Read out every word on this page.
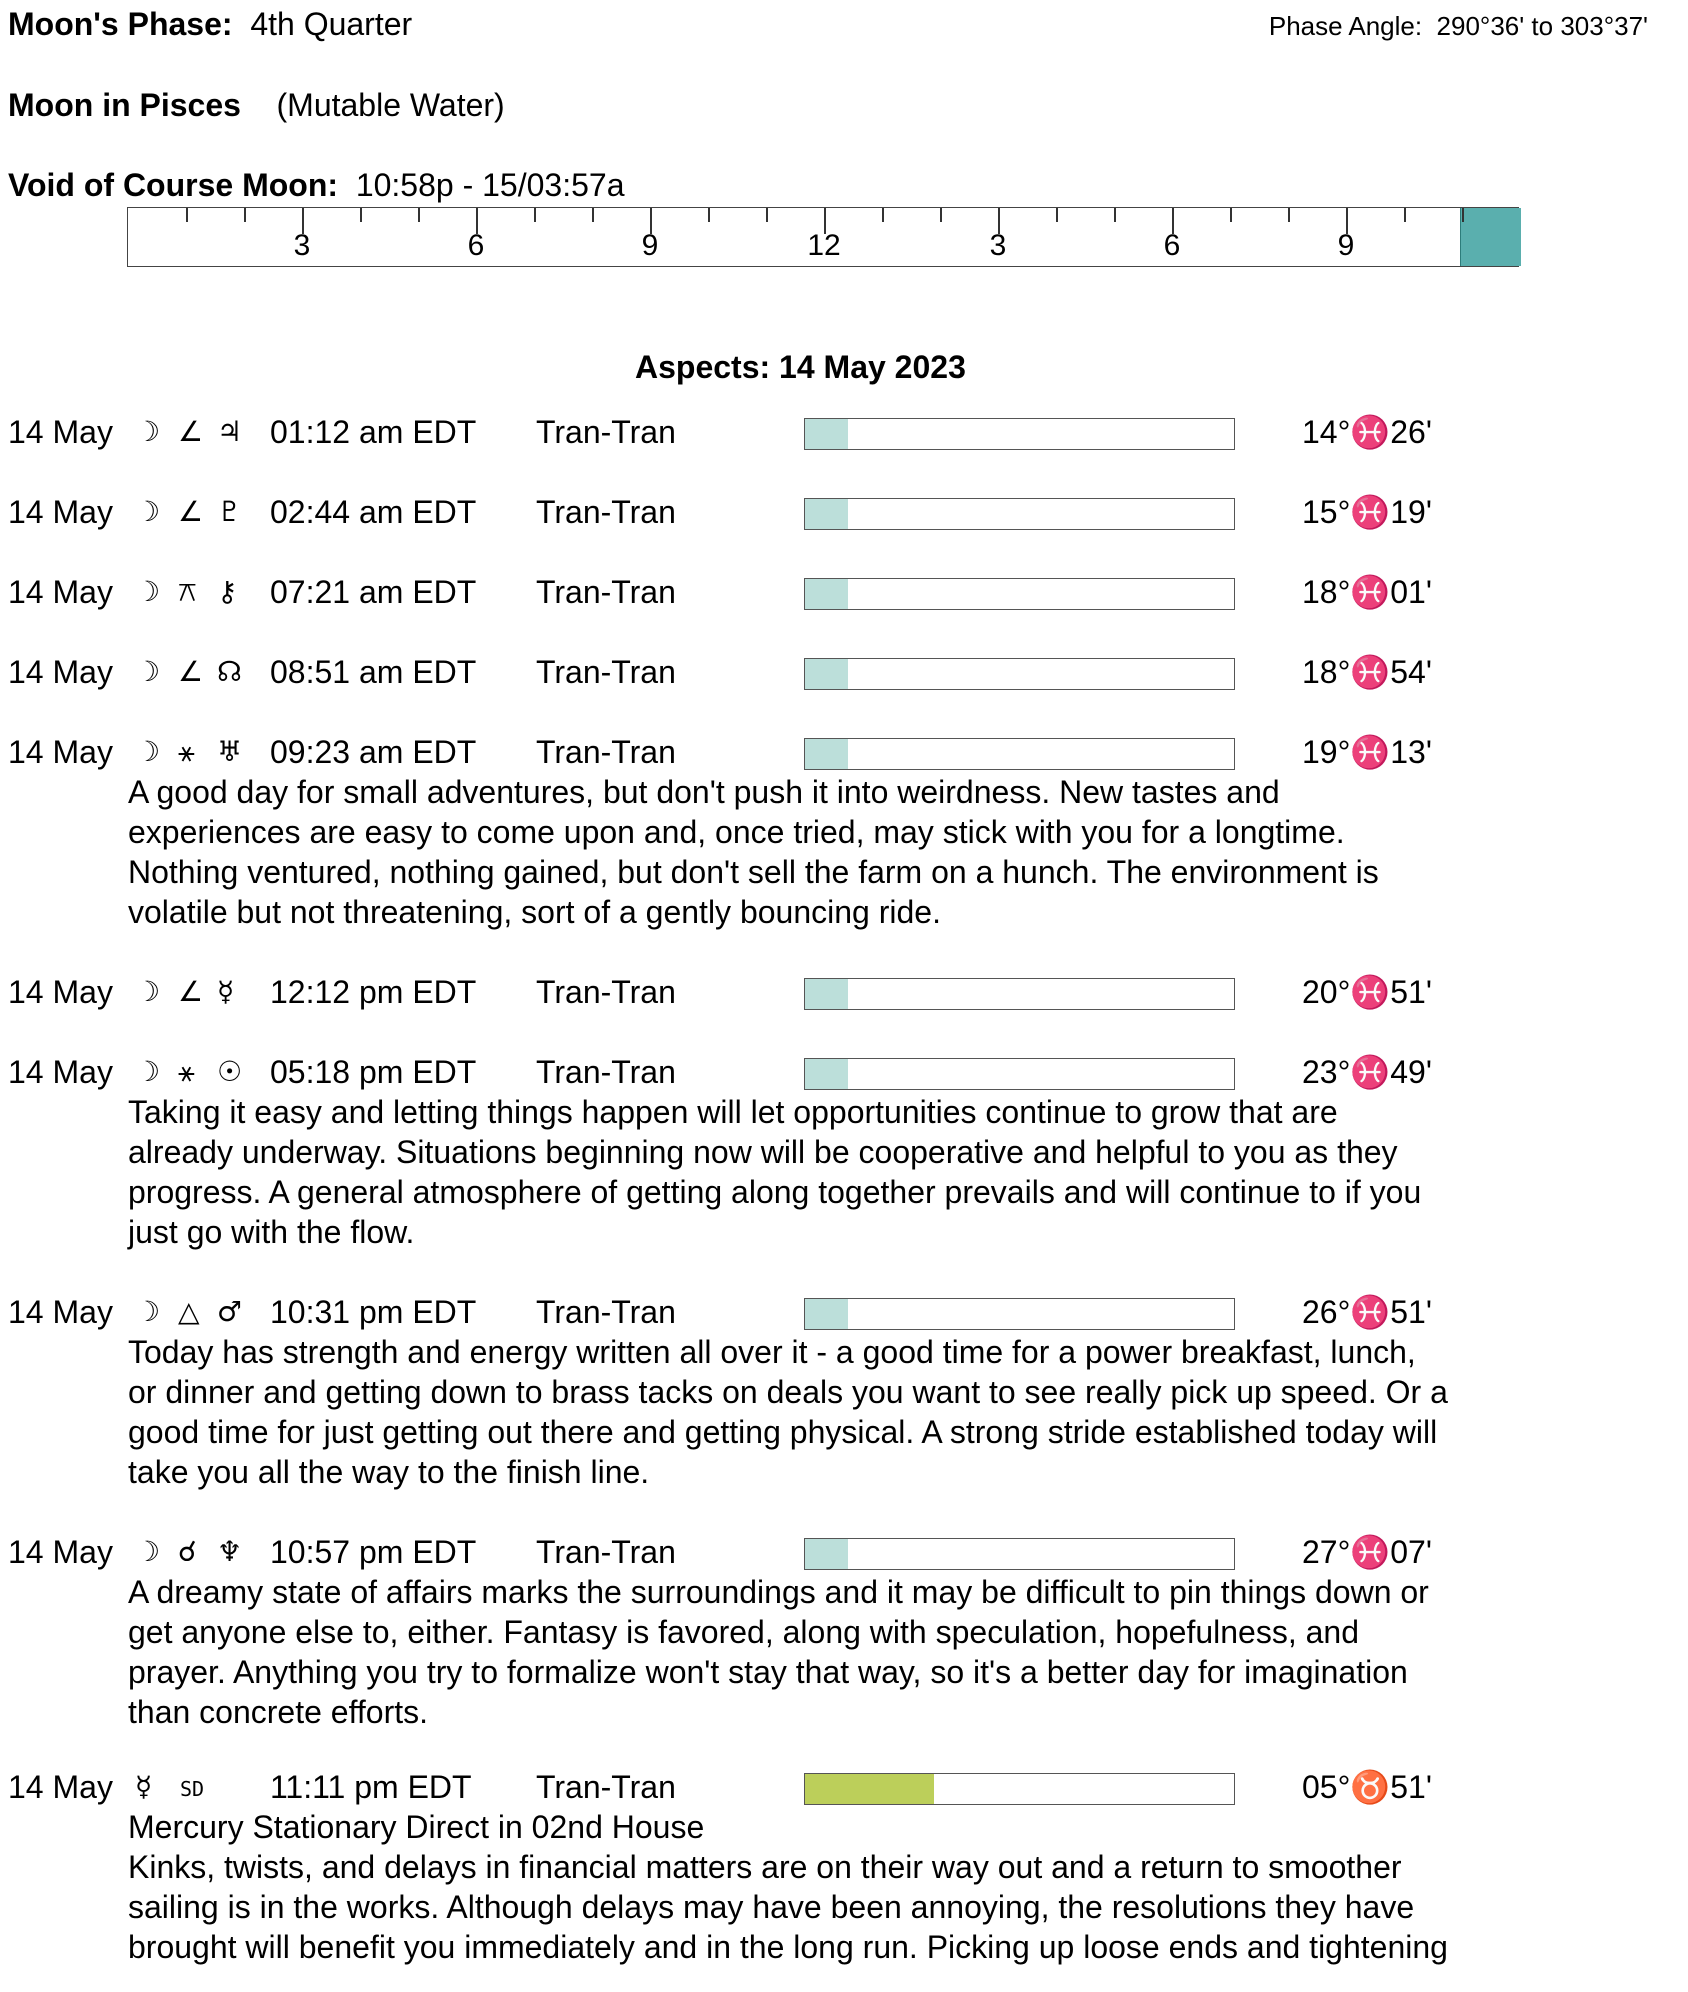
Moon's Phase: 4th Quarter	Phase Angle: 290°36' to 303°37'
Moon in Pisces (Mutable Water)
Void of Course Moon: 10:58p - 15/03:57a
3	6	9	12	3	6	9
Aspects: 14 May 2023
14 May ☽ ∠ ♃ 01:12 am EDT Tran-Tran	14°♓26'
14 May ☽ ∠ ♇ 02:44 am EDT Tran-Tran	15°♓19'
14 May ☽ ⚻ ⚷ 07:21 am EDT Tran-Tran	18°♓01'
14 May ☽ ∠ ☊ 08:51 am EDT Tran-Tran	18°♓54'
14 May ☽ ⚹ ♅ 09:23 am EDT Tran-Tran	19°♓13'
A good day for small adventures, but don't push it into weirdness. New tastes and
experiences are easy to come upon and, once tried, may stick with you for a longtime.
Nothing ventured, nothing gained, but don't sell the farm on a hunch. The environment is
volatile but not threatening, sort of a gently bouncing ride.
14 May ☽ ∠ ☿ 12:12 pm EDT Tran-Tran	20°♓51'
14 May ☽ ⚹ ☉ 05:18 pm EDT Tran-Tran	23°♓49'
Taking it easy and letting things happen will let opportunities continue to grow that are
already underway. Situations beginning now will be cooperative and helpful to you as they
progress. A general atmosphere of getting along together prevails and will continue to if you
just go with the flow.
14 May ☽ △ ♂ 10:31 pm EDT Tran-Tran	26°♓51'
Today has strength and energy written all over it - a good time for a power breakfast, lunch,
or dinner and getting down to brass tacks on deals you want to see really pick up speed. Or a
good time for just getting out there and getting physical. A strong stride established today will
take you all the way to the finish line.
14 May ☽ ☌ ♆ 10:57 pm EDT Tran-Tran	27°♓07'
A dreamy state of affairs marks the surroundings and it may be difficult to pin things down or
get anyone else to, either. Fantasy is favored, along with speculation, hopefulness, and
prayer. Anything you try to formalize won't stay that way, so it's a better day for imagination
than concrete efforts.
14 May ☿ SD 11:11 pm EDT Tran-Tran	05°♉51'
Mercury Stationary Direct in 02nd House
Kinks, twists, and delays in financial matters are on their way out and a return to smoother
sailing is in the works. Although delays may have been annoying, the resolutions they have
brought will benefit you immediately and in the long run. Picking up loose ends and tightening
